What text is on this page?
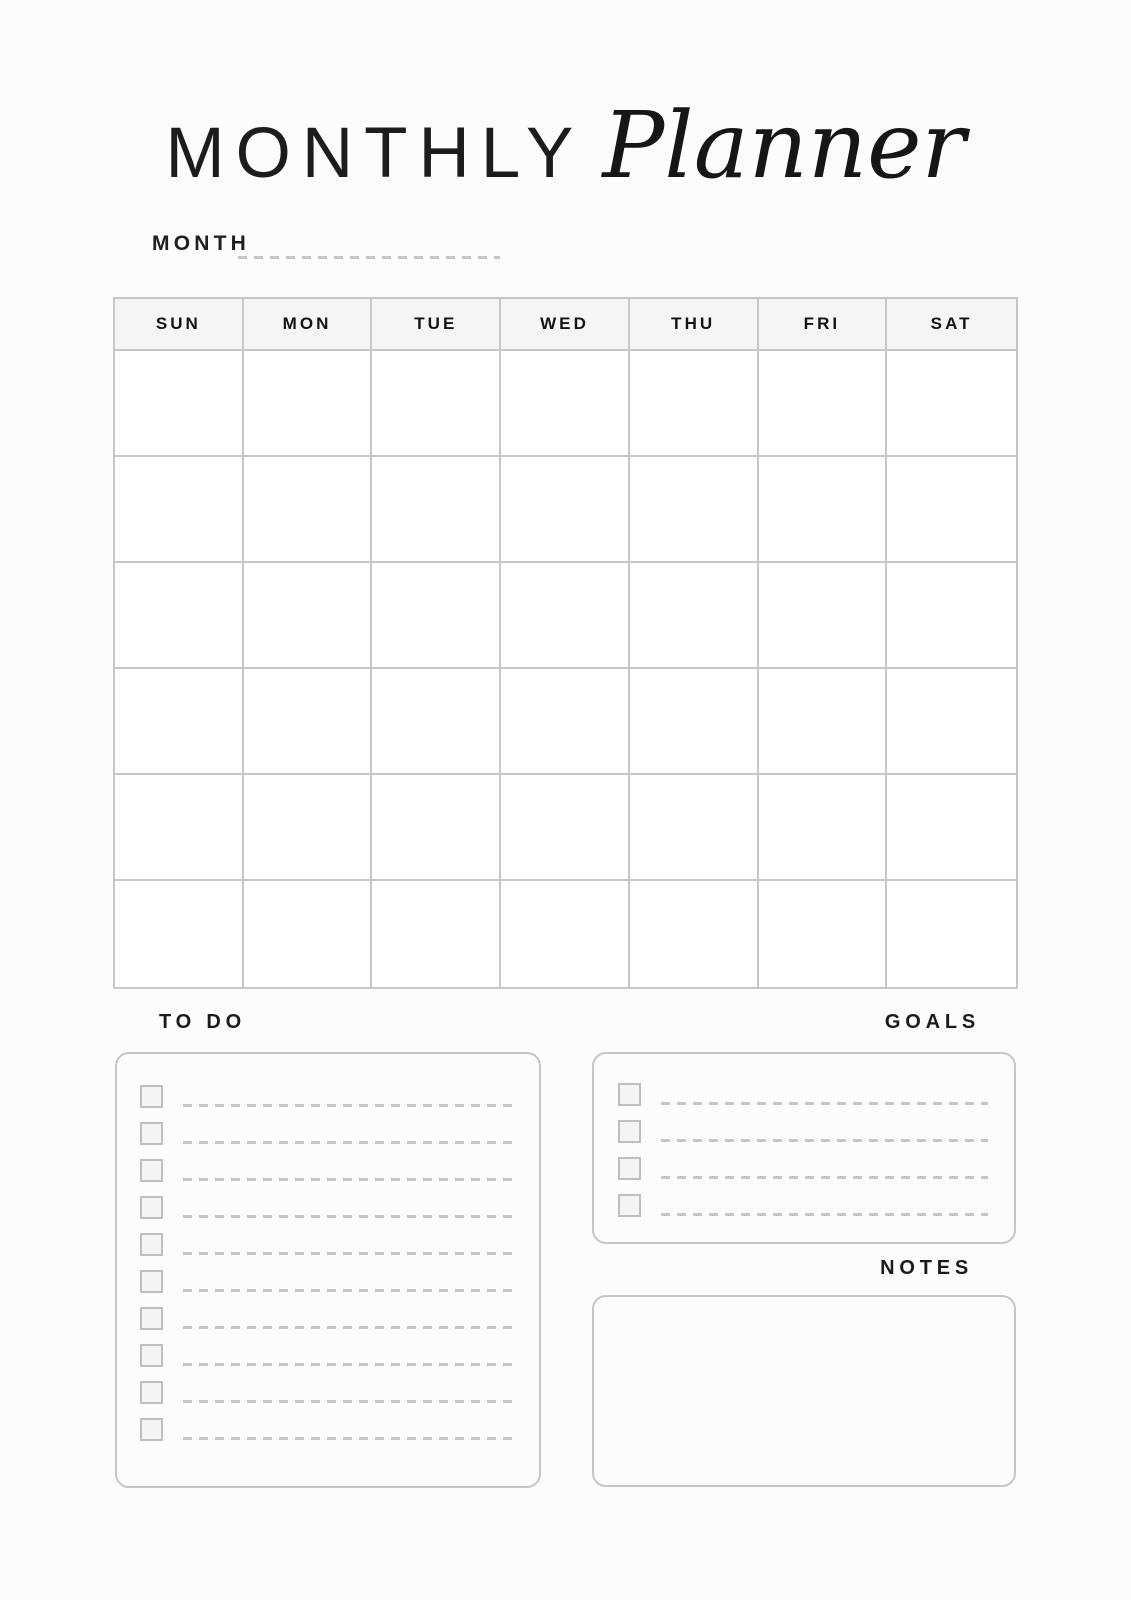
MONTHLY Planner
MONTH
SUN	MON	TUE	WED	THU	FRI	SAT
TO DO	GOALS
NOTES
